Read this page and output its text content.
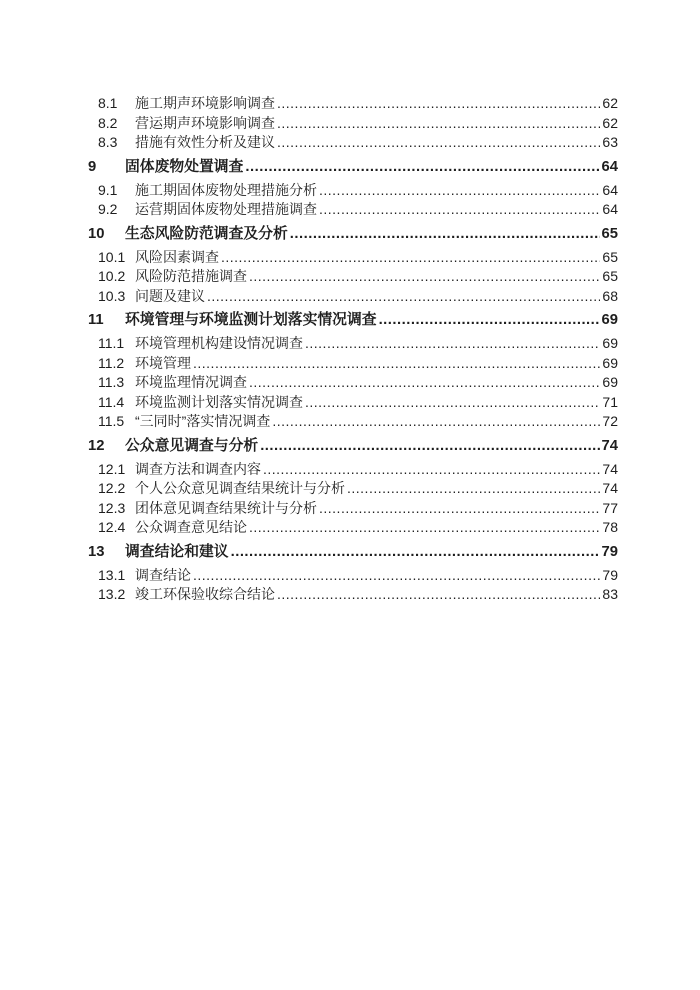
8.1	施工期声环境影响调查 .....	62
8.2	营运期声环境影响调查 .....	62
8.3	措施有效性分析及建议 .....	63
9	固体废物处置调查 .....	64
9.1	施工期固体废物处理措施分析 .....	64
9.2	运营期固体废物处理措施调查 .....	64
10	生态风险防范调查及分析 .....	65
10.1 风险因素调查 .....	65
10.2 风险防范措施调查 .....	65
10.3 问题及建议 .....	68
11	环境管理与环境监测计划落实情况调查 .....	69
11.1 环境管理机构建设情况调查 .....	69
11.2 环境管理 .....	69
11.3 环境监理情况调查 .....	69
11.4 环境监测计划落实情况调查 .....	71
11.5 “三同时”落实情况调查 .....	72
12	公众意见调查与分析 .....	74
12.1 调查方法和调查内容 .....	74
12.2 个人公众意见调查结果统计与分析 .....	74
12.3 团体意见调查结果统计与分析 .....	77
12.4 公众调查意见结论 .....	78
13	调查结论和建议 .....	79
13.1 调查结论 .....	79
13.2 竣工环保验收综合结论 .....	83
